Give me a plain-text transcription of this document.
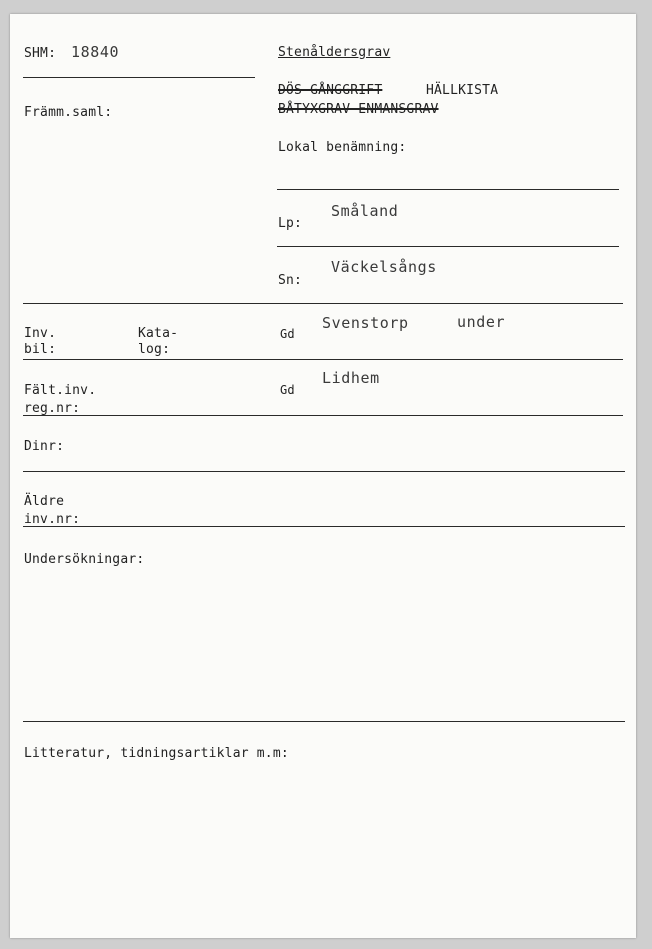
SHM: 18840
Främm.saml:
Stenåldersgrav
DÖS GÅNGGRIFT	HÄLLKISTA
BÅTYXGRAV ENMANSGRAV
Lokal benämning:
Lp:
Småland
Sn:
Väckelsångs
Inv.
bil:
Kata-
log:
Gd
Svenstorp	under
Fält.inv.
reg.nr:
Gd
Lidhem
Dinr:
Äldre
inv.nr:
Undersökningar:
Litteratur, tidningsartiklar m.m:
